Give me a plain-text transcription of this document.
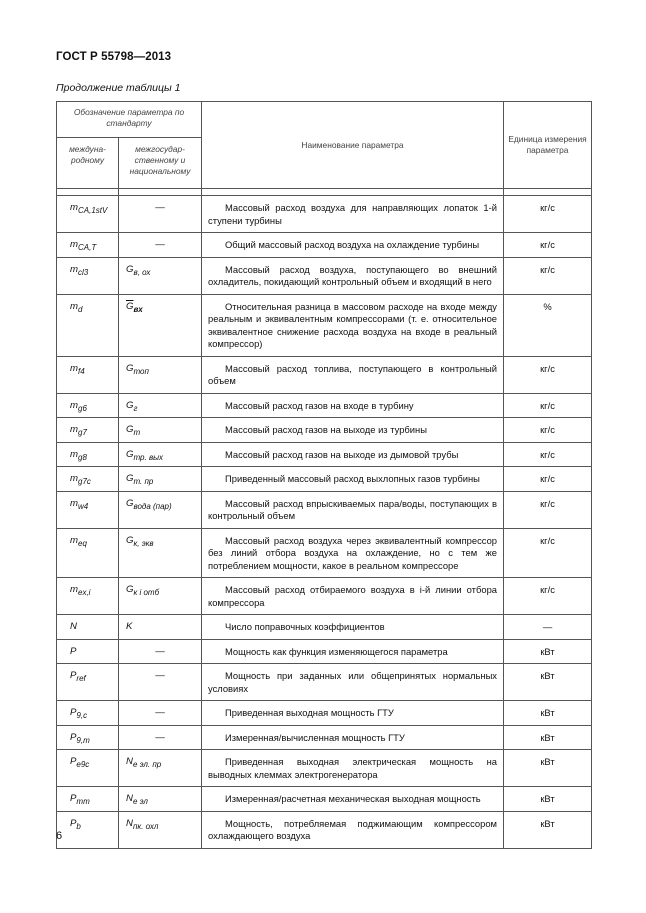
ГОСТ Р 55798—2013
Продолжение таблицы 1
Обозначение параметра по стандарту		Наименование параметра	Единица измерения параметра
междуна-родному	межгосудар-ственному и национальному		

$m_{CA,1stV}$	—	Массовый расход воздуха для направляющих лопаток 1-й ступени турбины	кг/с
$m_{CA,T}$	—	Общий массовый расход воздуха на охлаждение турбины	кг/с
$m_{cl3}$	$G_{в, ох}$	Массовый расход воздуха, поступающего во внешний охладитель, покидающий контрольный объем и входящий в него	кг/с
$m_d$	$\overline{G}_{вх}$	Относительная разница в массовом расходе на входе между реальным и эквивалентным компрессорами (т. е. относительное эквивалентное снижение расхода воздуха на входе в реальный компрессор)	%
$m_{f4}$	$G_{топ}$	Массовый расход топлива, поступающего в контрольный объем	кг/с
$m_{g6}$	$G_г$	Массовый расход газов на входе в турбину	кг/с
$m_{g7}$	$G_т$	Массовый расход газов на выходе из турбины	кг/с
$m_{g8}$	$G_{тр. вых}$	Массовый расход газов на выходе из дымовой трубы	кг/с
$m_{g7c}$	$G_{т. пр}$	Приведенный массовый расход выхлопных газов турбины	кг/с
$m_{w4}$	$G_{вода (пар)}$	Массовый расход впрыскиваемых пара/воды, поступающих в контрольный объем	кг/с
$m_{eq}$	$G_{к, экв}$	Массовый расход воздуха через эквивалентный компрессор без линий отбора воздуха на охлаждение, но с тем же потреблением мощности, какое в реальном компрессоре	кг/с
$m_{ex,i}$	$G_{к i отб}$	Массовый расход отбираемого воздуха в i-й линии отбора компрессора	кг/с
N	K	Число поправочных коэффициентов	—
P	—	Мощность как функция изменяющегося параметра	кВт
$P_{ref}$	—	Мощность при заданных или общепринятых нормальных условиях	кВт
$P_{9,c}$	—	Приведенная выходная мощность ГТУ	кВт
$P_{9,m}$	—	Измеренная/вычисленная мощность ГТУ	кВт
$P_{e9c}$	$N_{е эл. пр}$	Приведенная выходная электрическая мощность на выводных клеммах электрогенератора	кВт
$P_{mm}$	$N_{е эл}$	Измеренная/расчетная механическая выходная мощность	кВт
$P_b$	$N_{пк. охл}$	Мощность, потребляемая поджимающим компрессором охлаждающего воздуха	кВт
6
